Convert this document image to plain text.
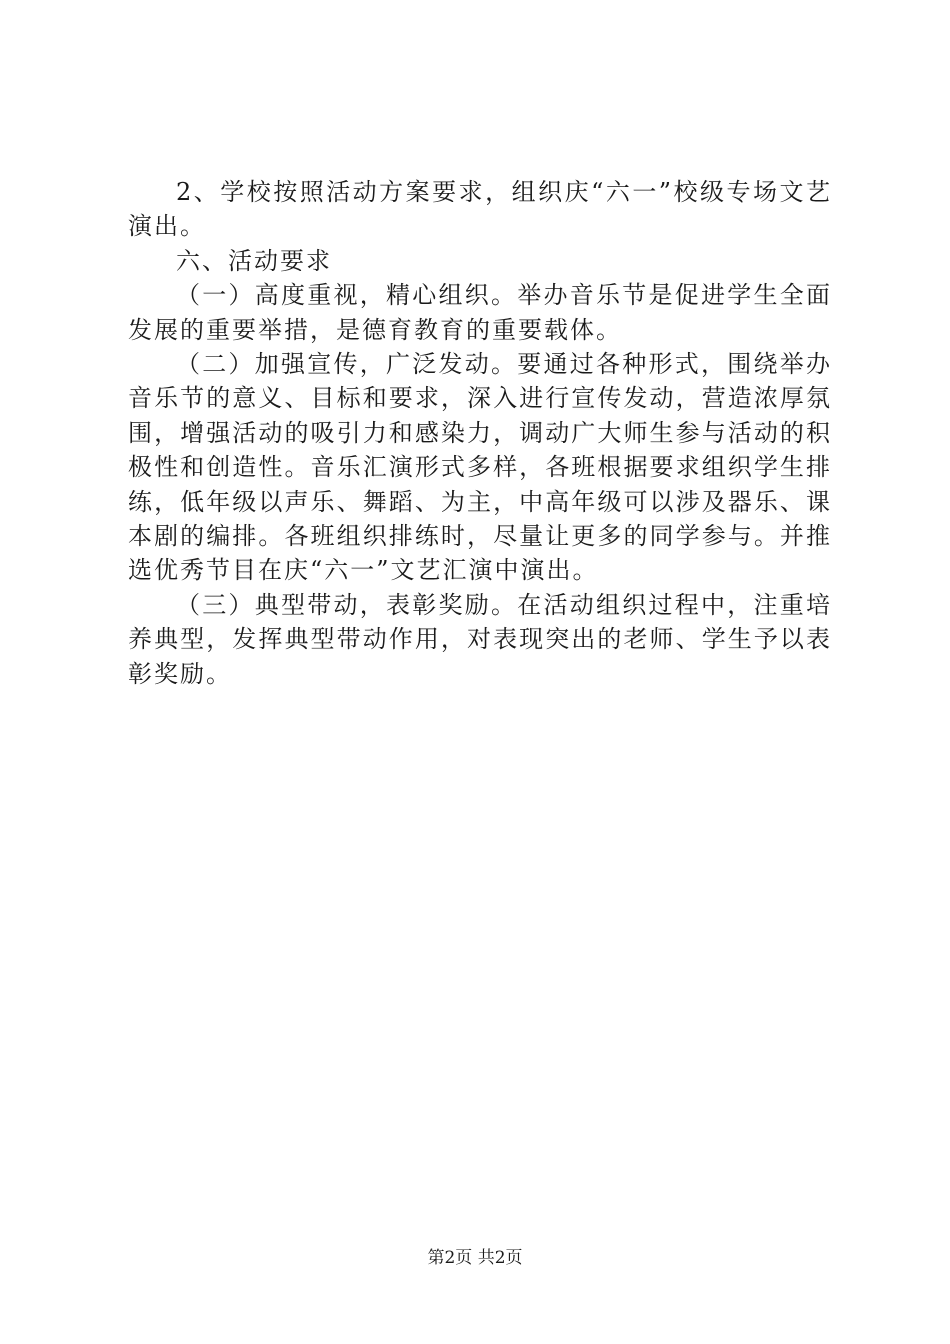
2、学校按照活动方案要求，组织庆“六一”校级专场文艺演出。

六、活动要求

（一）高度重视，精心组织。举办音乐节是促进学生全面发展的重要举措，是德育教育的重要载体。

（二）加强宣传，广泛发动。要通过各种形式，围绕举办音乐节的意义、目标和要求，深入进行宣传发动，营造浓厚氛围，增强活动的吸引力和感染力，调动广大师生参与活动的积极性和创造性。音乐汇演形式多样，各班根据要求组织学生排练，低年级以声乐、舞蹈、为主，中高年级可以涉及器乐、课本剧的编排。各班组织排练时，尽量让更多的同学参与。并推选优秀节目在庆“六一”文艺汇演中演出。

（三）典型带动，表彰奖励。在活动组织过程中，注重培养典型，发挥典型带动作用，对表现突出的老师、学生予以表彰奖励。

第2页 共2页
